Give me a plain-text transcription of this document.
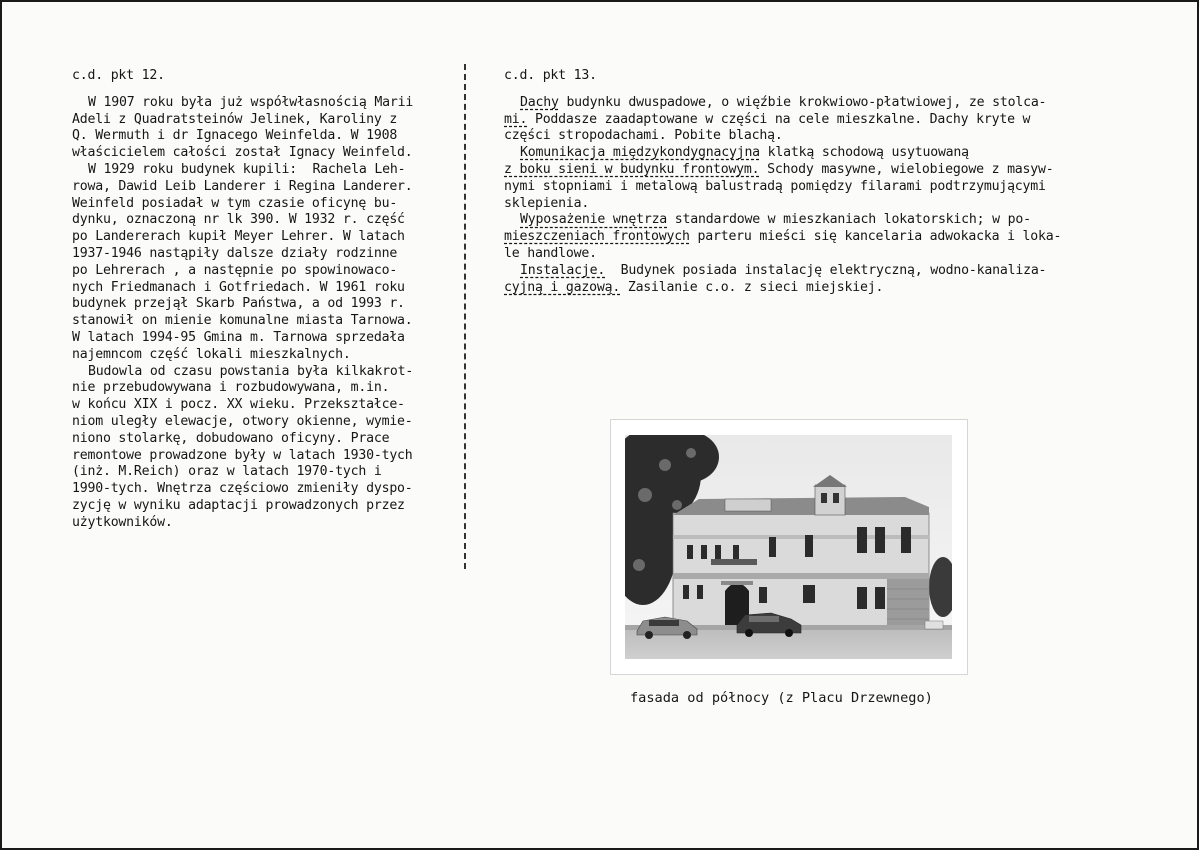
c.d. pkt 12.

W 1907 roku była już współwłasnością Marii
Adeli z Quadratsteinów Jelinek, Karoliny z
Q. Wermuth i dr Ignacego Weinfelda. W 1908
właścicielem całości został Ignacy Weinfeld.
W 1929 roku budynek kupili:  Rachela Leh-
rowa, Dawid Leib Landerer i Regina Landerer.
Weinfeld posiadał w tym czasie oficynę bu-
dynku, oznaczoną nr lk 390. W 1932 r. część
po Landererach kupił Meyer Lehrer. W latach
1937-1946 nastąpiły dalsze działy rodzinne
po Lehrerach , a następnie po spowinowaco-
nych Friedmanach i Gotfriedach. W 1961 roku
budynek przejął Skarb Państwa, a od 1993 r.
stanowił on mienie komunalne miasta Tarnowa.
W latach 1994-95 Gmina m. Tarnowa sprzedała
najemncom część lokali mieszkalnych.
Budowla od czasu powstania była kilkakrot-
nie przebudowywana i rozbudowywana, m.in.
w końcu XIX i pocz. XX wieku. Przekształce-
niom uległy elewacje, otwory okienne, wymie-
niono stolarkę, dobudowano oficyny. Prace
remontowe prowadzone były w latach 1930-tych
(inż. M.Reich) oraz w latach 1970-tych i
1990-tych. Wnętrza częściowo zmieniły dyspo-
zycję w wyniku adaptacji prowadzonych przez
użytkowników.

c.d. pkt 13.

Dachy budynku dwuspadowe, o więźbie krokwiowo-płatwiowej, ze stolca-
mi. Poddasze zaadaptowane w części na cele mieszkalne. Dachy kryte w
części stropodachami. Pobite blachą.
Komunikacja międzykondygnacyjna klatką schodową usytuowaną
z boku sieni w budynku frontowym. Schody masywne, wielobiegowe z masyw-
nymi stopniami i metalową balustradą pomiędzy filarami podtrzymującymi
sklepienia.
Wyposażenie wnętrza standardowe w mieszkaniach lokatorskich; w po-
mieszczeniach frontowych parteru mieści się kancelaria adwokacka i loka-
le handlowe.
Instalacje.  Budynek posiada instalację elektryczną, wodno-kanaliza-
cyjną i gazową. Zasilanie c.o. z sieci miejskiej.
fasada od północy (z Placu Drzewnego)
